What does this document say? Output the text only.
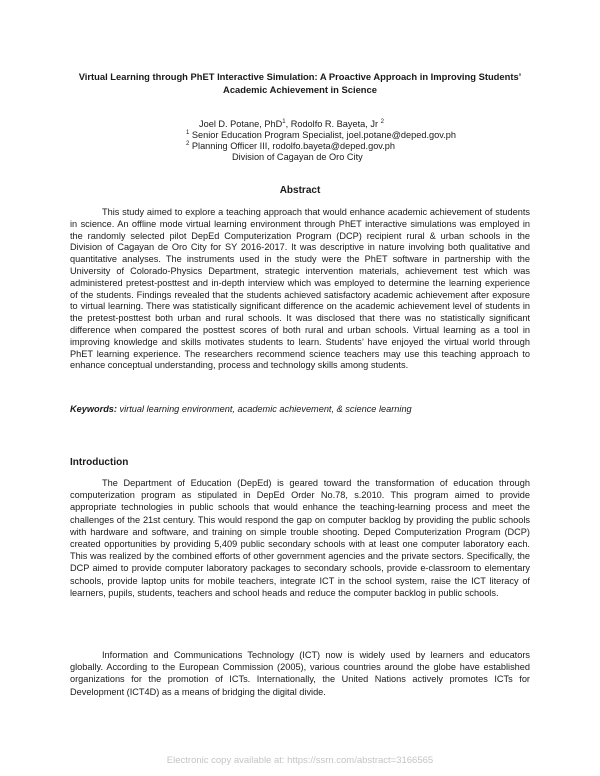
Virtual Learning through PhET Interactive Simulation: A Proactive Approach in Improving Students’ Academic Achievement in Science
Joel D. Potane, PhD$^1$, Rodolfo R. Bayeta, Jr $^2$
$^1$ Senior Education Program Specialist, joel.potane@deped.gov.ph
$^2$ Planning Officer III, rodolfo.bayeta@deped.gov.ph
Division of Cagayan de Oro City
Abstract

This study aimed to explore a teaching approach that would enhance academic achievement of students in science. An offline mode virtual learning environment through PhET interactive simulations was employed in the randomly selected pilot DepEd Computerization Program (DCP) recipient rural & urban schools in the Division of Cagayan de Oro City for SY 2016-2017. It was descriptive in nature involving both qualitative and quantitative analyses. The instruments used in the study were the PhET software in partnership with the University of Colorado-Physics Department, strategic intervention materials, achievement test which was administered pretest-posttest and in-depth interview which was employed to determine the learning experience of the students. Findings revealed that the students achieved satisfactory academic achievement after exposure to virtual learning. There was statistically significant difference on the academic achievement level of students in the pretest-posttest both urban and rural schools. It was disclosed that there was no statistically significant difference when compared the posttest scores of both rural and urban schools. Virtual learning as a tool in improving knowledge and skills motivates students to learn. Students’ have enjoyed the virtual world through PhET learning experience. The researchers recommend science teachers may use this teaching approach to enhance conceptual understanding, process and technology skills among students.

Keywords: virtual learning environment, academic achievement, & science learning

Introduction

The Department of Education (DepEd) is geared toward the transformation of education through computerization program as stipulated in DepEd Order No.78, s.2010. This program aimed to provide appropriate technologies in public schools that would enhance the teaching-learning process and meet the challenges of the 21st century. This would respond the gap on computer backlog by providing the public schools with hardware and software, and training on simple trouble shooting. Deped Computerization Program (DCP) created opportunities by providing 5,409 public secondary schools with at least one computer laboratory each. This was realized by the combined efforts of other government agencies and the private sectors. Specifically, the DCP aimed to provide computer laboratory packages to secondary schools, provide e-classroom to elementary schools, provide laptop units for mobile teachers, integrate ICT in the school system, raise the ICT literacy of learners, pupils, students, teachers and school heads and reduce the computer backlog in public schools.

Information and Communications Technology (ICT) now is widely used by learners and educators globally. According to the European Commission (2005), various countries around the globe have established organizations for the promotion of ICTs. Internationally, the United Nations actively promotes ICTs for Development (ICT4D) as a means of bridging the digital divide.

Electronic copy available at: https://ssrn.com/abstract=3166565
